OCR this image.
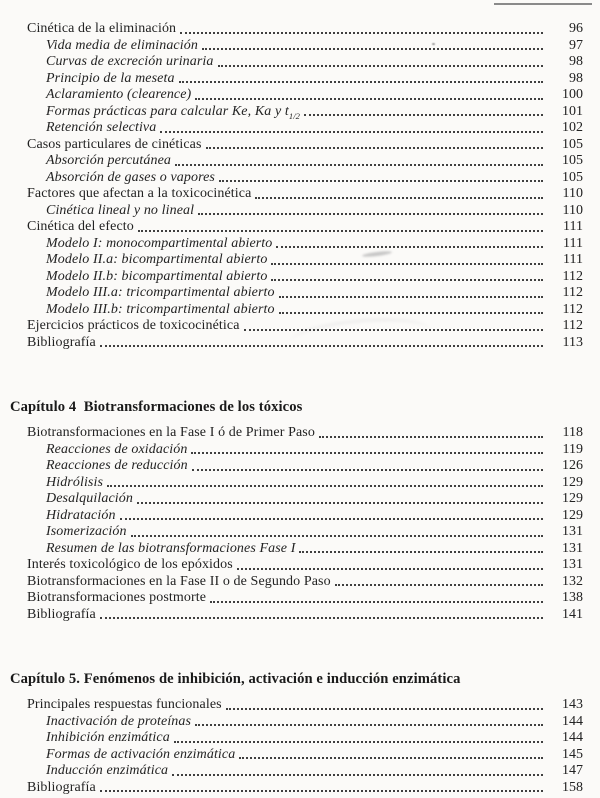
Cinética de la eliminación	96
Vida media de eliminación	97
Curvas de excreción urinaria	98
Principio de la meseta	98
Aclaramiento (clearence)	100
Formas prácticas para calcular Ke, Ka y $t_{1/2}$	101
Retención selectiva	102
Casos particulares de cinéticas	105
Absorción percutánea	105
Absorción de gases o vapores	105
Factores que afectan a la toxicocinética	110
Cinética lineal y no lineal	110
Cinética del efecto	111
Modelo I: monocompartimental abierto	111
Modelo II.a: bicompartimental abierto	111
Modelo II.b: bicompartimental abierto	112
Modelo III.a: tricompartimental abierto	112
Modelo III.b: tricompartimental abierto	112
Ejercicios prácticos de toxicocinética	112
Bibliografía	113
Capítulo 4  Biotransformaciones de los tóxicos
Biotransformaciones en la Fase I ó de Primer Paso	118
Reacciones de oxidación	119
Reacciones de reducción	126
Hidrólisis	129
Desalquilación	129
Hidratación	129
Isomerización	131
Resumen de las biotransformaciones Fase I	131
Interés toxicológico de los epóxidos	131
Biotransformaciones en la Fase II o de Segundo Paso	132
Biotransformaciones postmorte	138
Bibliografía	141
Capítulo 5. Fenómenos de inhibición, activación e inducción enzimática
Principales respuestas funcionales	143
Inactivación de proteínas	144
Inhibición enzimática	144
Formas de activación enzimática	145
Inducción enzimática	147
Bibliografía	158
